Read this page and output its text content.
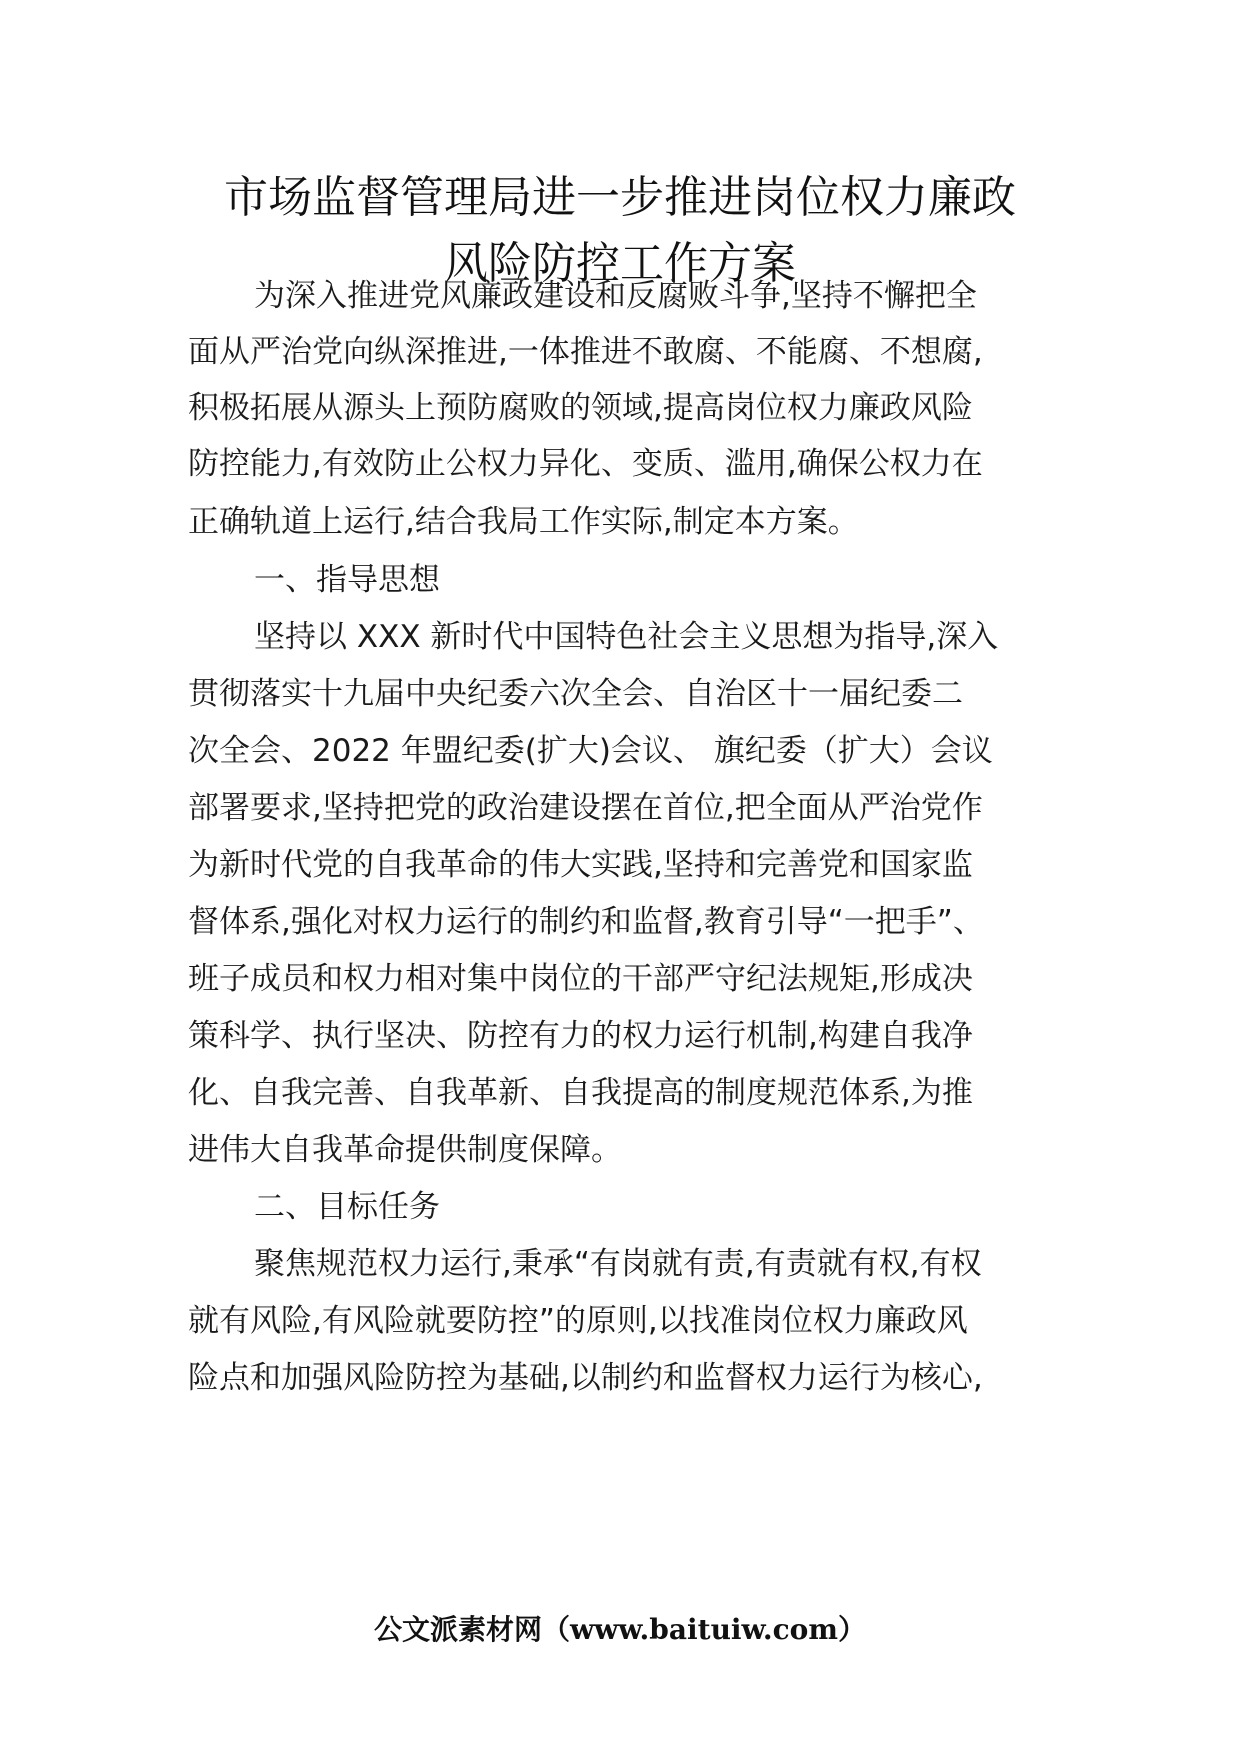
市场监督管理局进一步推进岗位权力廉政
风险防控工作方案

为深入推进党风廉政建设和反腐败斗争,坚持不懈把全

面从严治党向纵深推进,一体推进不敢腐、不能腐、不想腐,

积极拓展从源头上预防腐败的领域,提高岗位权力廉政风险

防控能力,有效防止公权力异化、变质、滥用,确保公权力在

正确轨道上运行,结合我局工作实际,制定本方案。

一、指导思想

坚持以 XXX 新时代中国特色社会主义思想为指导,深入

贯彻落实十九届中央纪委六次全会、自治区十一届纪委二

次全会、2022 年盟纪委(扩大)会议、 旗纪委（扩大）会议

部署要求,坚持把党的政治建设摆在首位,把全面从严治党作

为新时代党的自我革命的伟大实践,坚持和完善党和国家监

督体系,强化对权力运行的制约和监督,教育引导“一把手”、

班子成员和权力相对集中岗位的干部严守纪法规矩,形成决

策科学、执行坚决、防控有力的权力运行机制,构建自我净

化、自我完善、自我革新、自我提高的制度规范体系,为推

进伟大自我革命提供制度保障。

二、目标任务

聚焦规范权力运行,秉承“有岗就有责,有责就有权,有权

就有风险,有风险就要防控”的原则,以找准岗位权力廉政风

险点和加强风险防控为基础,以制约和监督权力运行为核心,

公文派素材网（www.baituiw.com）
